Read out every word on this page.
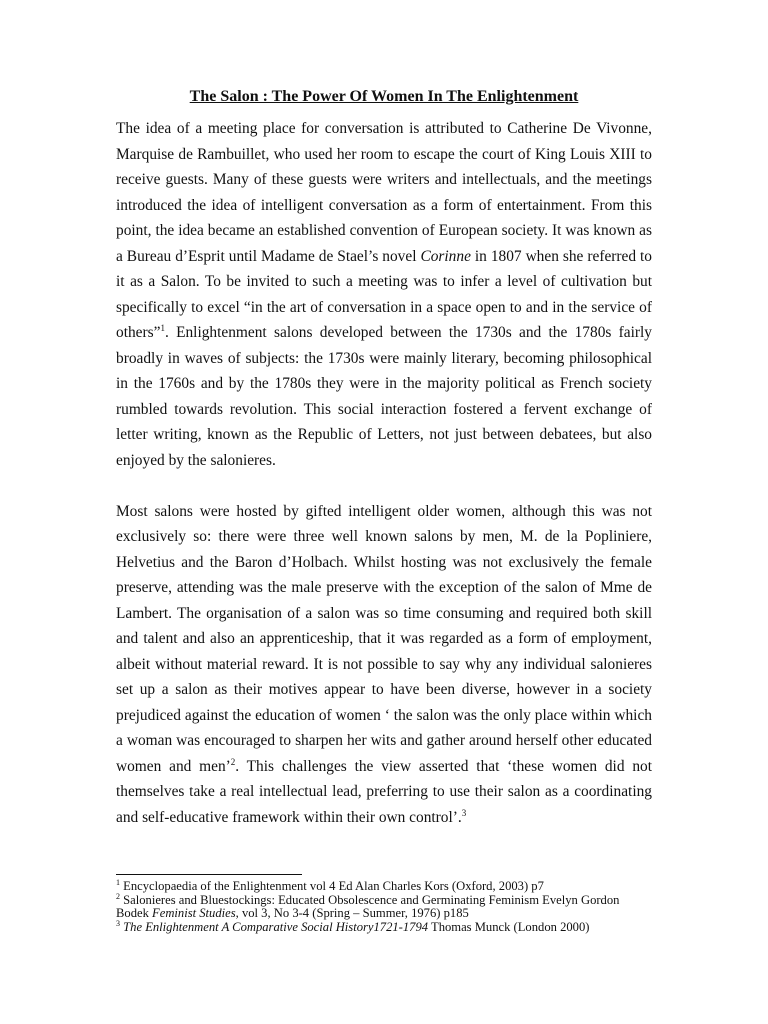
The Salon : The Power Of Women In The Enlightenment

The idea of a meeting place for conversation is attributed to Catherine De Vivonne, Marquise de Rambuillet, who used her room to escape the court of King Louis XIII to receive guests. Many of these guests were writers and intellectuals, and the meetings introduced the idea of intelligent conversation as a form of entertainment. From this point, the idea became an established convention of European society. It was known as a Bureau d’Esprit until Madame de Stael’s novel Corinne in 1807 when she referred to it as a Salon. To be invited to such a meeting was to infer a level of cultivation but specifically to excel “in the art of conversation in a space open to and in the service of others”$^1$. Enlightenment salons developed between the 1730s and the 1780s fairly broadly in waves of subjects: the 1730s were mainly literary, becoming philosophical in the 1760s and by the 1780s they were in the majority political as French society rumbled towards revolution. This social interaction fostered a fervent exchange of letter writing, known as the Republic of Letters, not just between debatees, but also enjoyed by the salonieres.

Most salons were hosted by gifted intelligent older women, although this was not exclusively so: there were three well known salons by men, M. de la Popliniere, Helvetius and the Baron d’Holbach. Whilst hosting was not exclusively the female preserve, attending was the male preserve with the exception of the salon of Mme de Lambert. The organisation of a salon was so time consuming and required both skill and talent and also an apprenticeship, that it was regarded as a form of employment, albeit without material reward. It is not possible to say why any individual salonieres set up a salon as their motives appear to have been diverse, however in a society prejudiced against the education of women ‘ the salon was the only place within which a woman was encouraged to sharpen her wits and gather around herself other educated women and men’$^2$. This challenges the view asserted that ‘these women did not themselves take a real intellectual lead, preferring to use their salon as a coordinating and self-educative framework within their own control’.$^3$

$^1$ Encyclopaedia of the Enlightenment vol 4 Ed Alan Charles Kors (Oxford, 2003) p7

$^2$ Salonieres and Bluestockings: Educated Obsolescence and Germinating Feminism Evelyn Gordon Bodek Feminist Studies, vol 3, No 3-4 (Spring – Summer, 1976) p185

$^3$ The Enlightenment A Comparative Social History1721-1794 Thomas Munck (London 2000)
